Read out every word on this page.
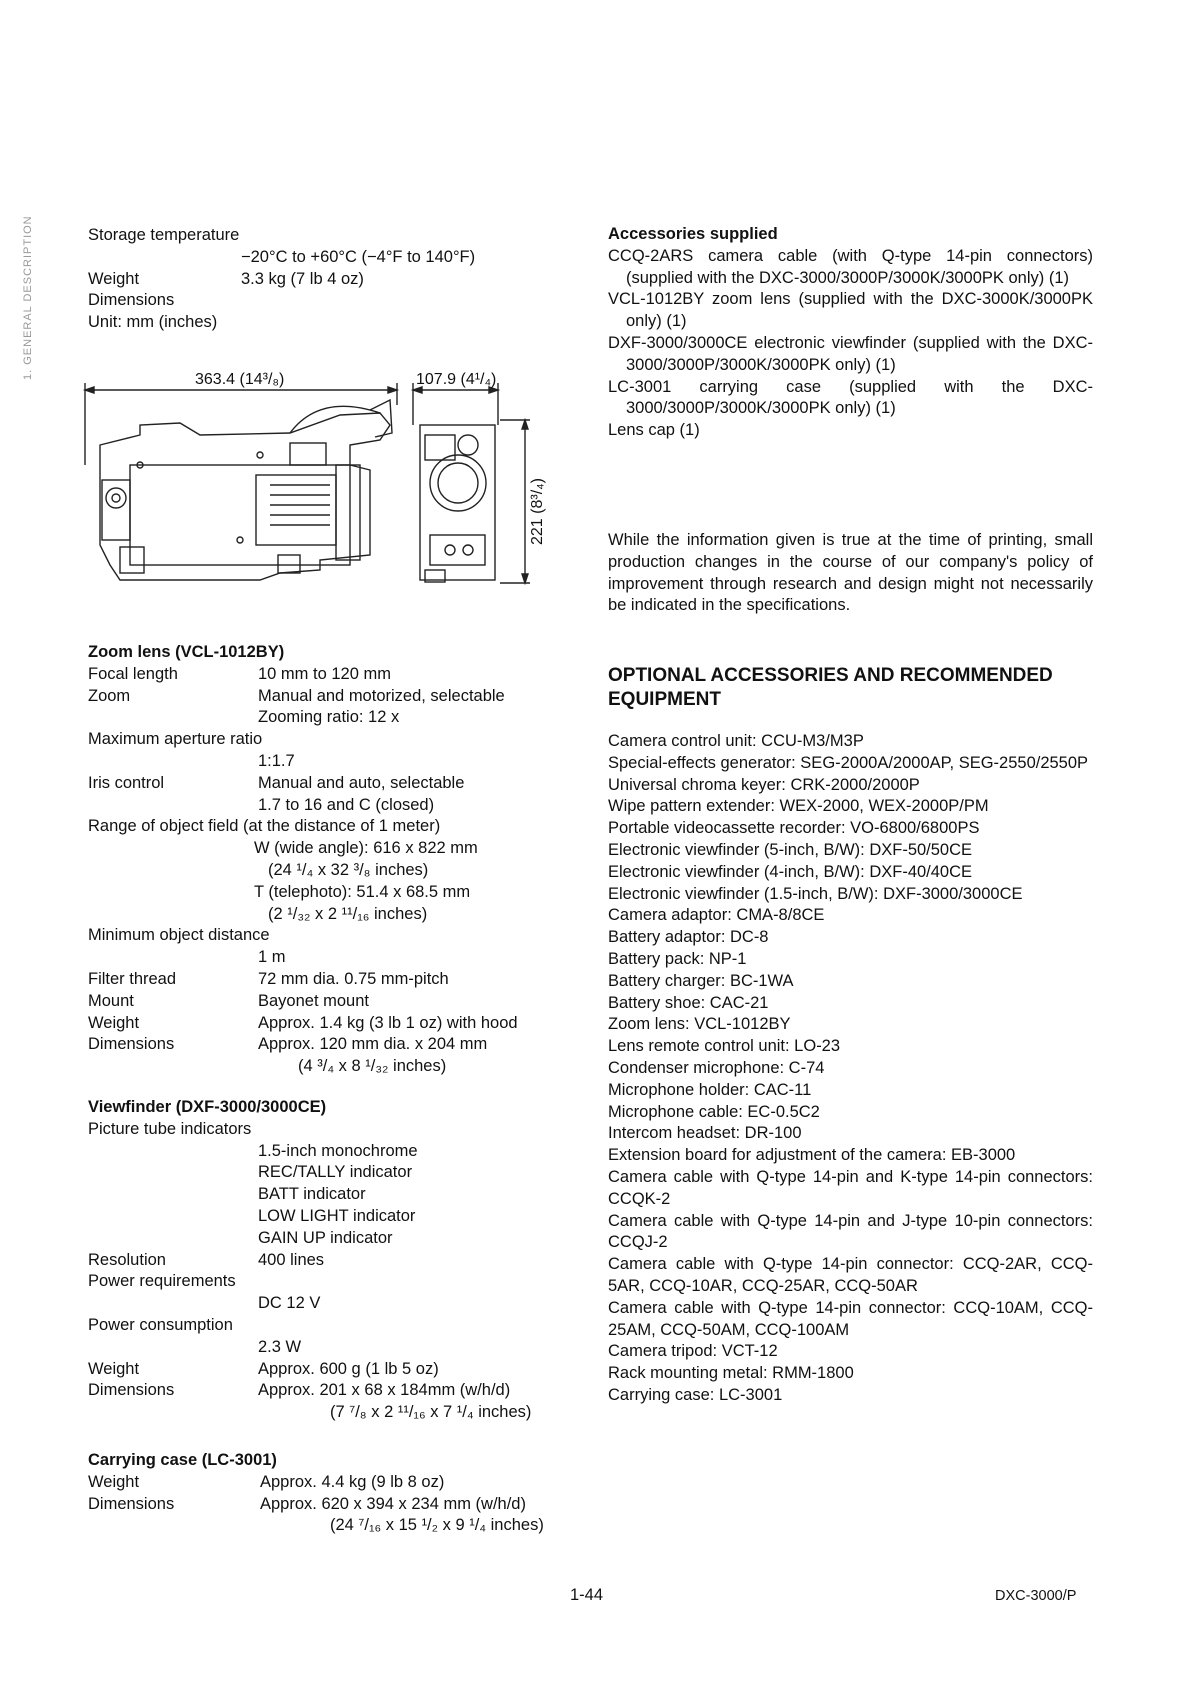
1. GENERAL DESCRIPTION	Storage temperature
−20°C to +60°C (−4°F to 140°F)
Weight	3.3 kg (7 lb 4 oz)
Dimensions
Unit: mm (inches)
363.4 (14³/₈)	107.9 (4¹/₄)
221 (8³/₄)
Zoom lens (VCL-1012BY)
Focal length	10 mm to 120 mm
Zoom	Manual and motorized, selectable
Zooming ratio: 12 x
Maximum aperture ratio
1:1.7
Iris control	Manual and auto, selectable
1.7 to 16 and C (closed)
Range of object field (at the distance of 1 meter)
W (wide angle): 616 x 822 mm
(24 ¹/₄ x 32 ³/₈ inches)
T (telephoto): 51.4 x 68.5 mm
(2 ¹/₃₂ x 2 ¹¹/₁₆ inches)
Minimum object distance
1 m
Filter thread	72 mm dia. 0.75 mm-pitch
Mount	Bayonet mount
Weight	Approx. 1.4 kg (3 lb 1 oz) with hood
Dimensions	Approx. 120 mm dia. x 204 mm
(4 ³/₄ x 8 ¹/₃₂ inches)
Viewfinder (DXF-3000/3000CE)
Picture tube indicators
1.5-inch monochrome
REC/TALLY indicator
BATT indicator
LOW LIGHT indicator
GAIN UP indicator
Resolution	400 lines
Power requirements
DC 12 V
Power consumption
2.3 W
Weight	Approx. 600 g (1 lb 5 oz)
Dimensions	Approx. 201 x 68 x 184mm (w/h/d)
(7 ⁷/₈ x 2 ¹¹/₁₆ x 7 ¹/₄ inches)
Carrying case (LC-3001)
Weight	Approx. 4.4 kg (9 lb 8 oz)
Dimensions	Approx. 620 x 394 x 234 mm (w/h/d)
(24 ⁷/₁₆ x 15 ¹/₂ x 9 ¹/₄ inches)
Accessories supplied
CCQ-2ARS camera cable (with Q-type 14-pin connectors) (supplied with the DXC-3000/3000P/3000K/3000PK only) (1)
VCL-1012BY zoom lens (supplied with the DXC-3000K/3000PK only) (1)
DXF-3000/3000CE electronic viewfinder (supplied with the DXC-3000/3000P/3000K/3000PK only) (1)
LC-3001 carrying case (supplied with the DXC-3000/3000P/3000K/3000PK only) (1)
Lens cap (1)
While the information given is true at the time of printing, small production changes in the course of our company's policy of improvement through research and design might not necessarily be indicated in the specifications.
OPTIONAL ACCESSORIES AND RECOMMENDED EQUIPMENT
Camera control unit: CCU-M3/M3P
Special-effects generator: SEG-2000A/2000AP, SEG-2550/2550P
Universal chroma keyer: CRK-2000/2000P
Wipe pattern extender: WEX-2000, WEX-2000P/PM
Portable videocassette recorder: VO-6800/6800PS
Electronic viewfinder (5-inch, B/W): DXF-50/50CE
Electronic viewfinder (4-inch, B/W): DXF-40/40CE
Electronic viewfinder (1.5-inch, B/W): DXF-3000/3000CE
Camera adaptor: CMA-8/8CE
Battery adaptor: DC-8
Battery pack: NP-1
Battery charger: BC-1WA
Battery shoe: CAC-21
Zoom lens: VCL-1012BY
Lens remote control unit: LO-23
Condenser microphone: C-74
Microphone holder: CAC-11
Microphone cable: EC-0.5C2
Intercom headset: DR-100
Extension board for adjustment of the camera: EB-3000
Camera cable with Q-type 14-pin and K-type 14-pin connectors: CCQK-2
Camera cable with Q-type 14-pin and J-type 10-pin connectors: CCQJ-2
Camera cable with Q-type 14-pin connector: CCQ-2AR, CCQ-5AR, CCQ-10AR, CCQ-25AR, CCQ-50AR
Camera cable with Q-type 14-pin connector: CCQ-10AM, CCQ-25AM, CCQ-50AM, CCQ-100AM
Camera tripod: VCT-12
Rack mounting metal: RMM-1800
Carrying case: LC-3001
1-44	DXC-3000/P
